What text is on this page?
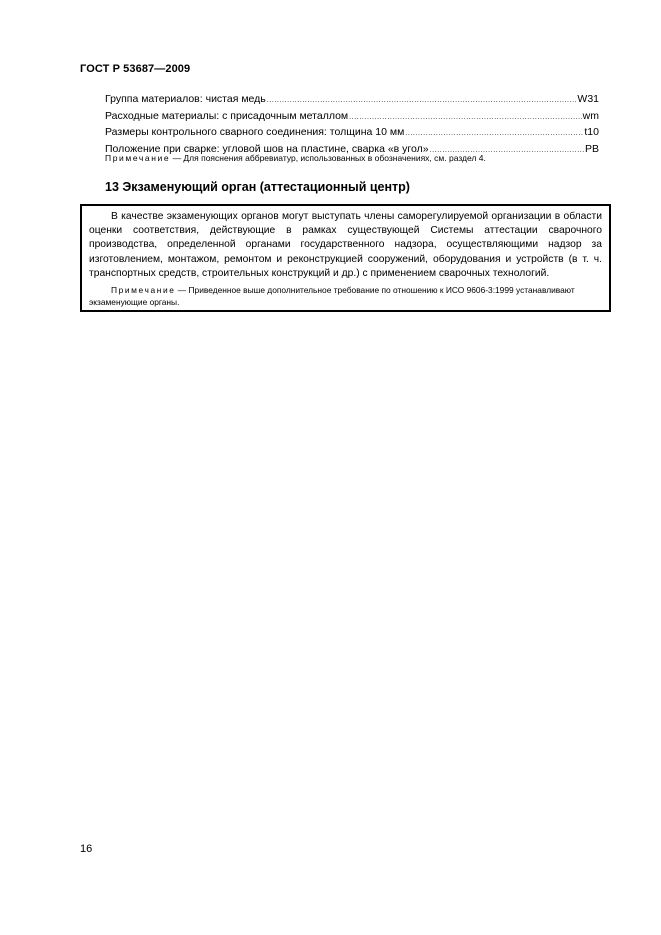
ГОСТ Р 53687—2009
Группа материалов: чистая медь .....	W31
Расходные материалы: с присадочным металлом .....	wm
Размеры контрольного сварного соединения: толщина 10 мм .....	t10
Положение при сварке: угловой шов на пластине, сварка «в угол» .....	PB
Примечание — Для пояснения аббревиатур, использованных в обозначениях, см. раздел 4.
13 Экзаменующий орган (аттестационный центр)

В качестве экзаменующих органов могут выступать члены саморегулируемой организации в области оценки соответствия, действующие в рамках существующей Системы аттестации сварочного производства, определенной органами государственного надзора, осуществляющими надзор за изготовлением, монтажом, ремонтом и реконструкцией сооружений, оборудования и устройств (в т. ч. транспортных средств, строительных конструкций и др.) с применением сварочных технологий.

Примечание — Приведенное выше дополнительное требование по отношению к ИСО 9606-3:1999 устанавливают экзаменующие органы.

16
